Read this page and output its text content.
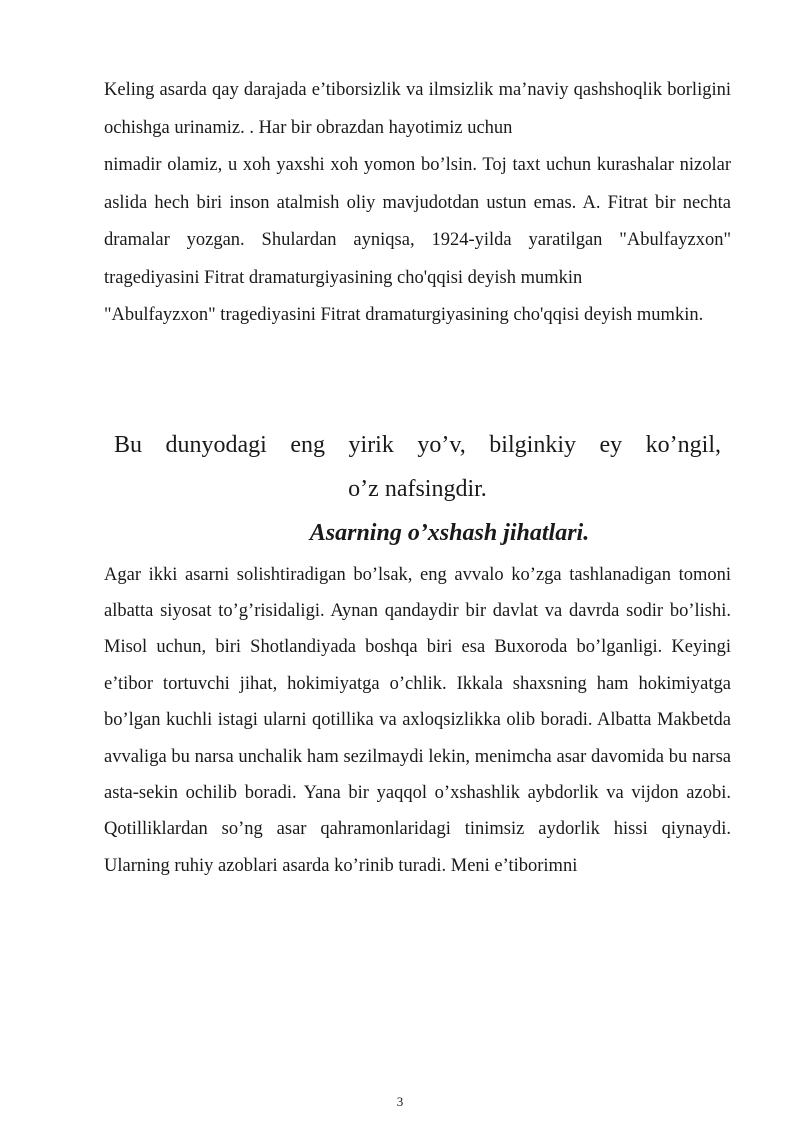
Keling asarda qay darajada e’tiborsizlik va ilmsizlik ma’naviy qashshoqlik borligini ochishga urinamiz. . Har bir obrazdan hayotimiz uchun
nimadir olamiz, u xoh yaxshi xoh yomon bo’lsin. Toj taxt uchun kurashalar nizolar aslida hech biri inson atalmish oliy mavjudotdan ustun emas. A. Fitrat bir nechta dramalar yozgan. Shulardan ayniqsa, 1924-yilda yaratilgan "Abulfayzxon" tragediyasini Fitrat dramaturgiyasining cho'qqisi deyish mumkin
"Abulfayzxon" tragediyasini Fitrat dramaturgiyasining cho'qqisi deyish mumkin.

Bu dunyodagi eng yirik yo’v, bilginkiy ey ko’ngil,
o’z nafsingdir.

Asarning o’xshash jihatlari.

Agar ikki asarni solishtiradigan bo’lsak, eng avvalo ko’zga tashlanadigan tomoni albatta siyosat to’g’risidaligi. Aynan qandaydir bir davlat va davrda sodir bo’lishi. Misol uchun, biri Shotlandiyada boshqa biri esa Buxoroda bo’lganligi. Keyingi e’tibor tortuvchi jihat, hokimiyatga o’chlik. Ikkala shaxsning ham hokimiyatga bo’lgan kuchli istagi ularni qotillika va axloqsizlikka olib boradi. Albatta Makbetda avvaliga bu narsa unchalik ham sezilmaydi lekin, menimcha asar davomida bu narsa asta-sekin ochilib boradi. Yana bir yaqqol o’xshashlik aybdorlik va vijdon azobi. Qotilliklardan so’ng asar qahramonlaridagi tinimsiz aydorlik hissi qiynaydi. Ularning ruhiy azoblari asarda ko’rinib turadi. Meni e’tiborimni

3
